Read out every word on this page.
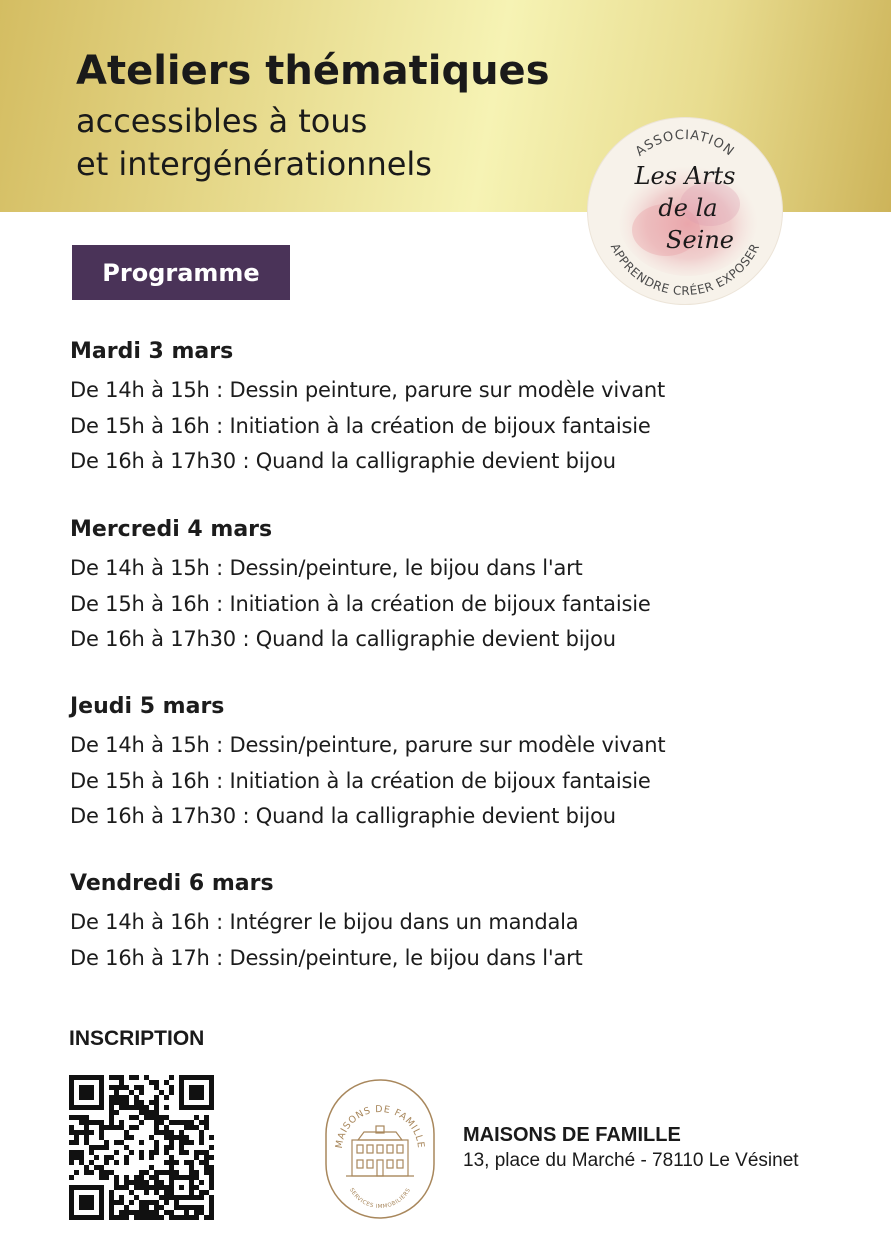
Ateliers thématiques
accessibles à tous
et intergénérationnels	ASSOCIATION
Les Arts
de la
Seine
APPRENDRE CRÉER EXPOSER
Programme
Mardi 3 mars
De 14h à 15h : Dessin peinture, parure sur modèle vivant
De 15h à 16h : Initiation à la création de bijoux fantaisie
De 16h à 17h30 : Quand la calligraphie devient bijou
Mercredi 4 mars
De 14h à 15h : Dessin/peinture, le bijou dans l'art
De 15h à 16h : Initiation à la création de bijoux fantaisie
De 16h à 17h30 : Quand la calligraphie devient bijou
Jeudi 5 mars
De 14h à 15h : Dessin/peinture, parure sur modèle vivant
De 15h à 16h : Initiation à la création de bijoux fantaisie
De 16h à 17h30 : Quand la calligraphie devient bijou
Vendredi 6 mars
De 14h à 16h : Intégrer le bijou dans un mandala
De 16h à 17h : Dessin/peinture, le bijou dans l'art
INSCRIPTION
MAISONS DE FAMILLE
SERVICES IMMOBILIERS
MAISONS DE FAMILLE
13, place du Marché - 78110 Le Vésinet
